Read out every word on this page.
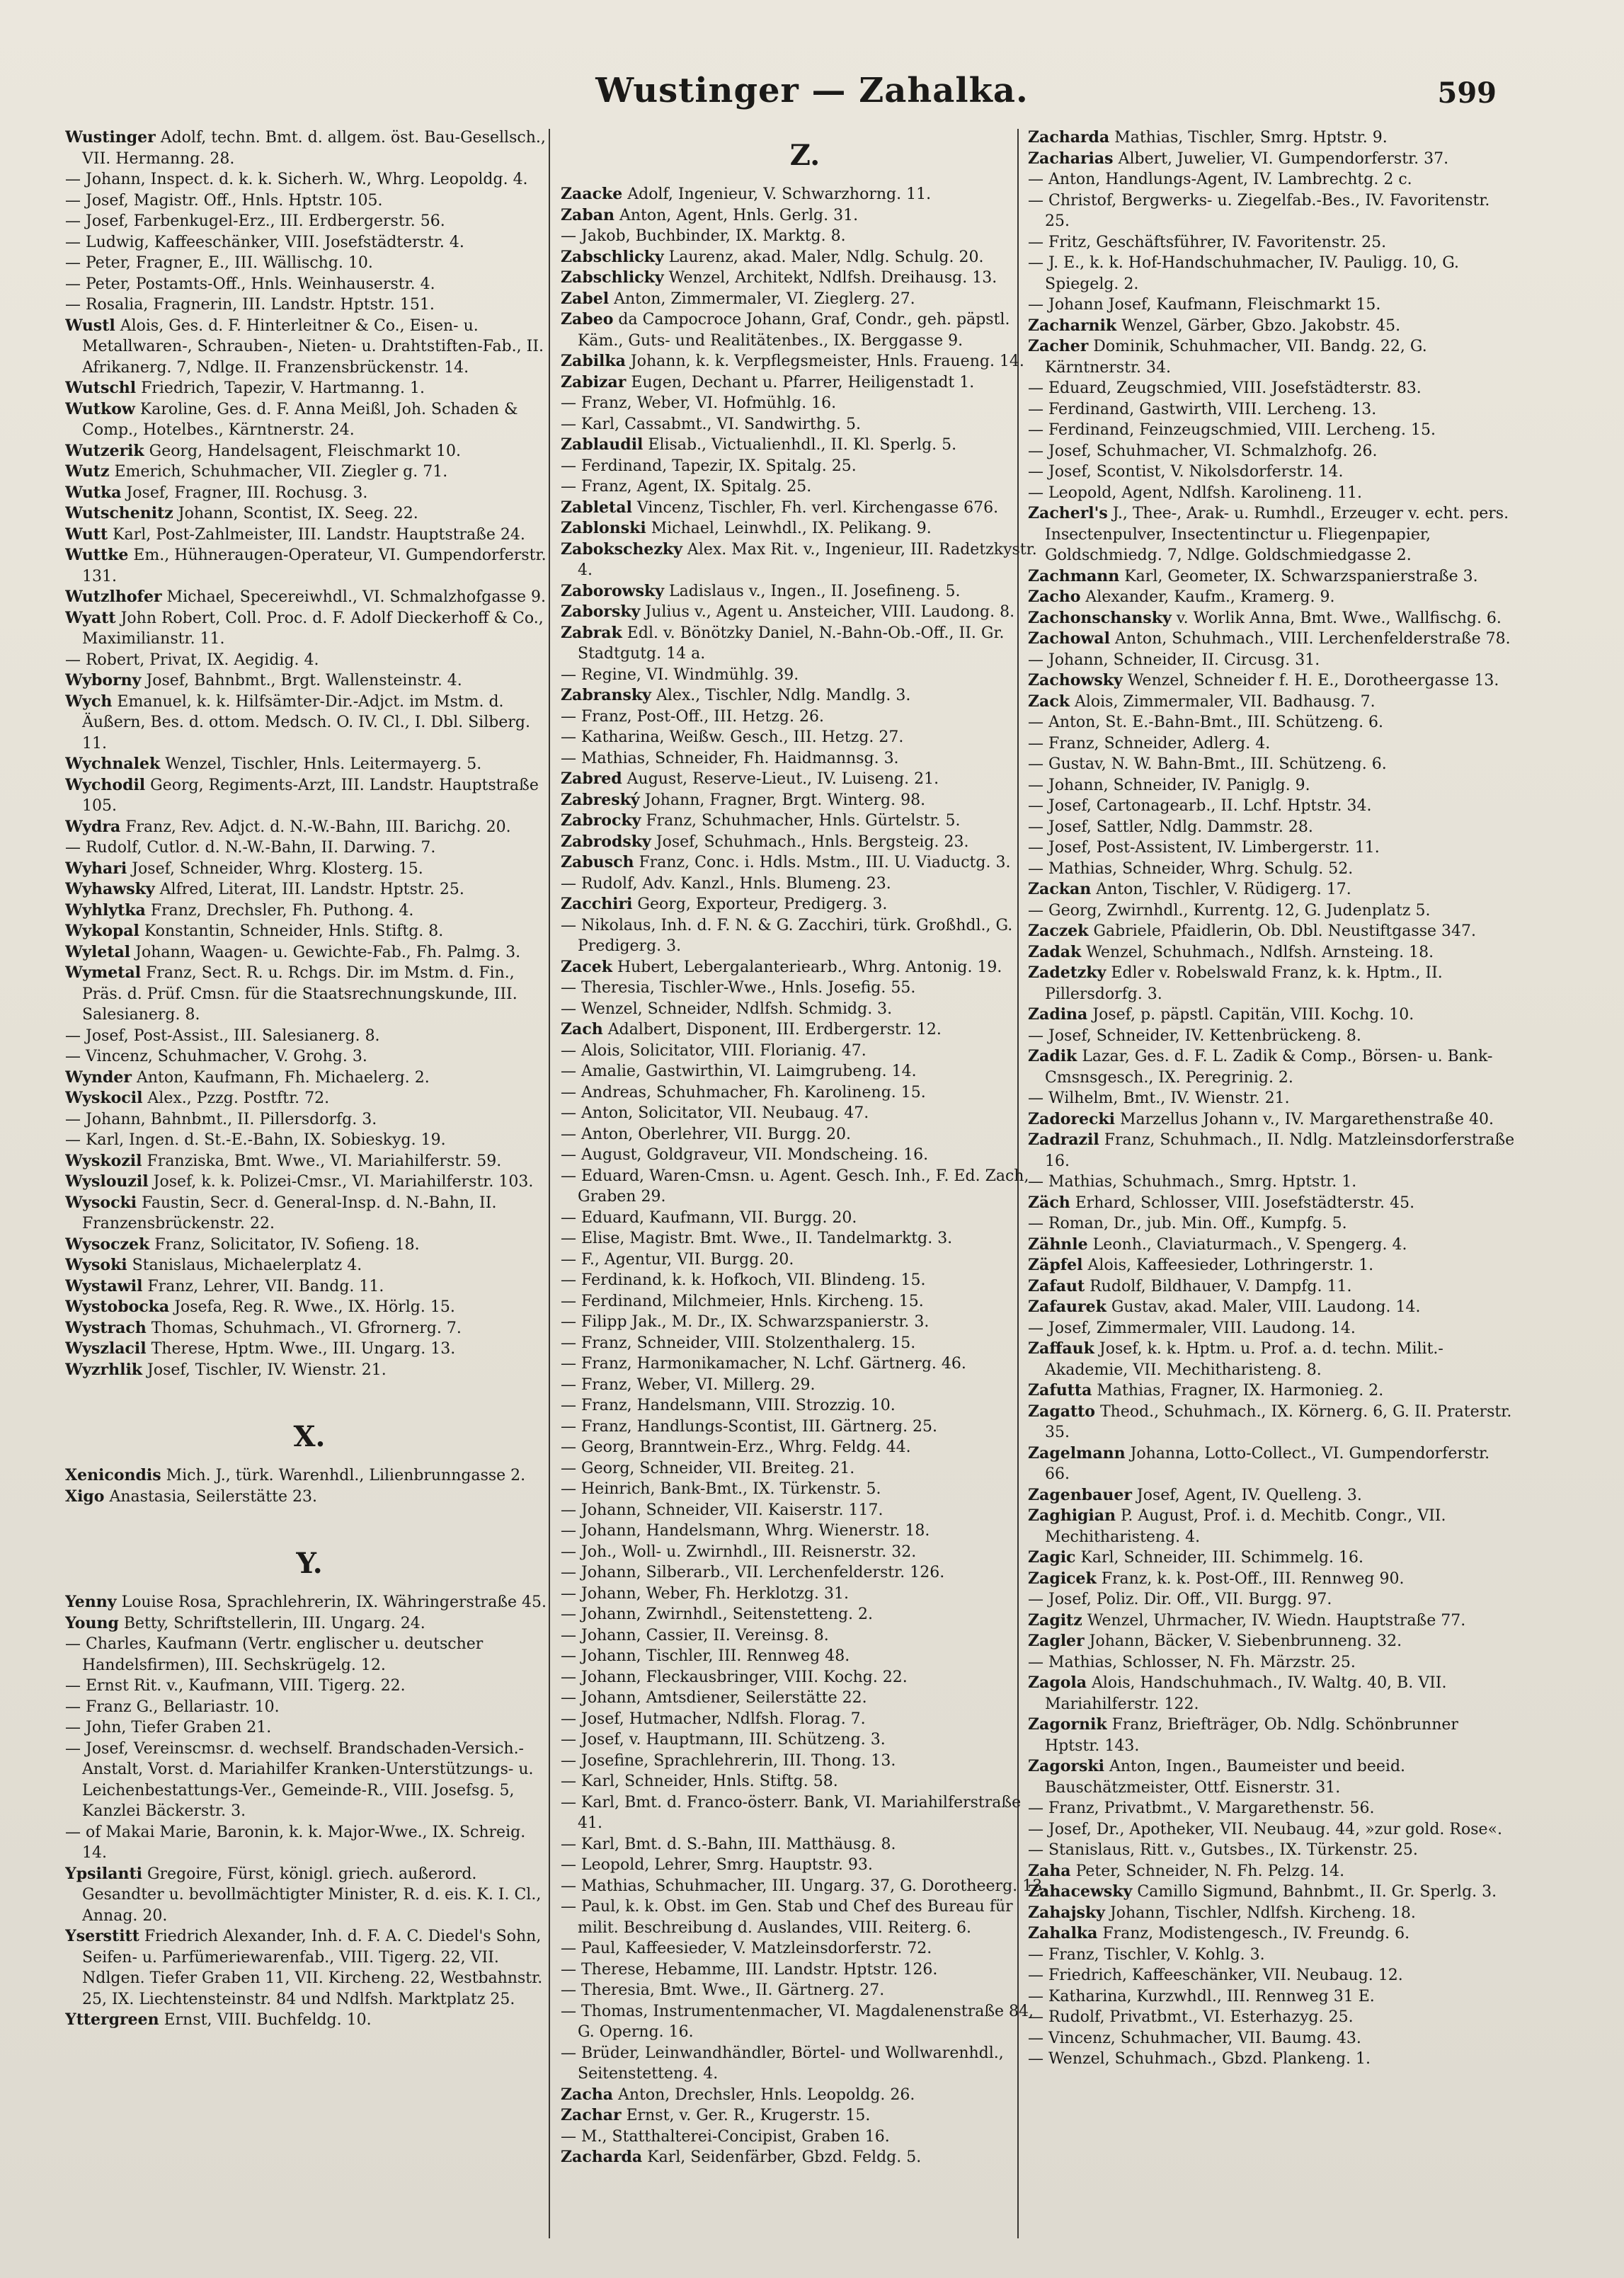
Wustinger — Zahalka.	599

Wustinger Adolf, techn. Bmt. d. allgem. öst. Bau-Gesellsch., VII. Hermanng. 28.

— Johann, Inspect. d. k. k. Sicherh. W., Whrg. Leopoldg. 4.

— Josef, Magistr. Off., Hnls. Hptstr. 105.

— Josef, Farbenkugel-Erz., III. Erdbergerstr. 56.

— Ludwig, Kaffeeschänker, VIII. Josefstädterstr. 4.

— Peter, Fragner, E., III. Wällischg. 10.

— Peter, Postamts-Off., Hnls. Weinhauserstr. 4.

— Rosalia, Fragnerin, III. Landstr. Hptstr. 151.

Wustl Alois, Ges. d. F. Hinterleitner & Co., Eisen- u. Metallwaren-, Schrauben-, Nieten- u. Drahtstiften-Fab., II. Afrikanerg. 7, Ndlge. II. Franzensbrückenstr. 14.

Wutschl Friedrich, Tapezir, V. Hartmanng. 1.

Wutkow Karoline, Ges. d. F. Anna Meißl, Joh. Schaden & Comp., Hotelbes., Kärntnerstr. 24.

Wutzerik Georg, Handelsagent, Fleischmarkt 10.

Wutz Emerich, Schuhmacher, VII. Ziegler g. 71.

Wutka Josef, Fragner, III. Rochusg. 3.

Wutschenitz Johann, Scontist, IX. Seeg. 22.

Wutt Karl, Post-Zahlmeister, III. Landstr. Hauptstraße 24.

Wuttke Em., Hühneraugen-Operateur, VI. Gumpendorferstr. 131.

Wutzlhofer Michael, Specereiwhdl., VI. Schmalzhofgasse 9.

Wyatt John Robert, Coll. Proc. d. F. Adolf Dieckerhoff & Co., Maximilianstr. 11.

— Robert, Privat, IX. Aegidig. 4.

Wyborny Josef, Bahnbmt., Brgt. Wallensteinstr. 4.

Wych Emanuel, k. k. Hilfsämter-Dir.-Adjct. im Mstm. d. Äußern, Bes. d. ottom. Medsch. O. IV. Cl., I. Dbl. Silberg. 11.

Wychnalek Wenzel, Tischler, Hnls. Leitermayerg. 5.

Wychodil Georg, Regiments-Arzt, III. Landstr. Hauptstraße 105.

Wydra Franz, Rev. Adjct. d. N.-W.-Bahn, III. Barichg. 20.

— Rudolf, Cutlor. d. N.-W.-Bahn, II. Darwing. 7.

Wyhari Josef, Schneider, Whrg. Klosterg. 15.

Wyhawsky Alfred, Literat, III. Landstr. Hptstr. 25.

Wyhlytka Franz, Drechsler, Fh. Puthong. 4.

Wykopal Konstantin, Schneider, Hnls. Stiftg. 8.

Wyletal Johann, Waagen- u. Gewichte-Fab., Fh. Palmg. 3.

Wymetal Franz, Sect. R. u. Rchgs. Dir. im Mstm. d. Fin., Präs. d. Prüf. Cmsn. für die Staatsrechnungskunde, III. Salesianerg. 8.

— Josef, Post-Assist., III. Salesianerg. 8.

— Vincenz, Schuhmacher, V. Grohg. 3.

Wynder Anton, Kaufmann, Fh. Michaelerg. 2.

Wyskocil Alex., Pzzg. Postftr. 72.

— Johann, Bahnbmt., II. Pillersdorfg. 3.

— Karl, Ingen. d. St.-E.-Bahn, IX. Sobieskyg. 19.

Wyskozil Franziska, Bmt. Wwe., VI. Mariahilferstr. 59.

Wyslouzil Josef, k. k. Polizei-Cmsr., VI. Mariahilferstr. 103.

Wysocki Faustin, Secr. d. General-Insp. d. N.-Bahn, II. Franzensbrückenstr. 22.

Wysoczek Franz, Solicitator, IV. Sofieng. 18.

Wysoki Stanislaus, Michaelerplatz 4.

Wystawil Franz, Lehrer, VII. Bandg. 11.

Wystobocka Josefa, Reg. R. Wwe., IX. Hörlg. 15.

Wystrach Thomas, Schuhmach., VI. Gfrornerg. 7.

Wyszlacil Therese, Hptm. Wwe., III. Ungarg. 13.

Wyzrhlik Josef, Tischler, IV. Wienstr. 21.

X.

Xenicondis Mich. J., türk. Warenhdl., Lilienbrunngasse 2.

Xigo Anastasia, Seilerstätte 23.

Y.

Yenny Louise Rosa, Sprachlehrerin, IX. Währingerstraße 45.

Young Betty, Schriftstellerin, III. Ungarg. 24.

— Charles, Kaufmann (Vertr. englischer u. deutscher Handelsfirmen), III. Sechskrügelg. 12.

— Ernst Rit. v., Kaufmann, VIII. Tigerg. 22.

— Franz G., Bellariastr. 10.

— John, Tiefer Graben 21.

— Josef, Vereinscmsr. d. wechself. Brandschaden-Versich.-Anstalt, Vorst. d. Mariahilfer Kranken-Unterstützungs- u. Leichenbestattungs-Ver., Gemeinde-R., VIII. Josefsg. 5, Kanzlei Bäckerstr. 3.

— of Makai Marie, Baronin, k. k. Major-Wwe., IX. Schreig. 14.

Ypsilanti Gregoire, Fürst, königl. griech. außerord. Gesandter u. bevollmächtigter Minister, R. d. eis. K. I. Cl., Annag. 20.

Yserstitt Friedrich Alexander, Inh. d. F. A. C. Diedel's Sohn, Seifen- u. Parfümeriewarenfab., VIII. Tigerg. 22, VII. Ndlgen. Tiefer Graben 11, VII. Kircheng. 22, Westbahnstr. 25, IX. Liechtensteinstr. 84 und Ndlfsh. Marktplatz 25.

Yttergreen Ernst, VIII. Buchfeldg. 10.

Z.

Zaacke Adolf, Ingenieur, V. Schwarzhorng. 11.

Zaban Anton, Agent, Hnls. Gerlg. 31.

— Jakob, Buchbinder, IX. Marktg. 8.

Zabschlicky Laurenz, akad. Maler, Ndlg. Schulg. 20.

Zabschlicky Wenzel, Architekt, Ndlfsh. Dreihausg. 13.

Zabel Anton, Zimmermaler, VI. Zieglerg. 27.

Zabeo da Campocroce Johann, Graf, Condr., geh. päpstl. Käm., Guts- und Realitätenbes., IX. Berggasse 9.

Zabilka Johann, k. k. Verpflegsmeister, Hnls. Fraueng. 14.

Zabizar Eugen, Dechant u. Pfarrer, Heiligenstadt 1.

— Franz, Weber, VI. Hofmühlg. 16.

— Karl, Cassabmt., VI. Sandwirthg. 5.

Zablaudil Elisab., Victualienhdl., II. Kl. Sperlg. 5.

— Ferdinand, Tapezir, IX. Spitalg. 25.

— Franz, Agent, IX. Spitalg. 25.

Zabletal Vincenz, Tischler, Fh. verl. Kirchengasse 676.

Zablonski Michael, Leinwhdl., IX. Pelikang. 9.

Zabokschezky Alex. Max Rit. v., Ingenieur, III. Radetzkystr. 4.

Zaborowsky Ladislaus v., Ingen., II. Josefineng. 5.

Zaborsky Julius v., Agent u. Ansteicher, VIII. Laudong. 8.

Zabrak Edl. v. Bönötzky Daniel, N.-Bahn-Ob.-Off., II. Gr. Stadtgutg. 14 a.

— Regine, VI. Windmühlg. 39.

Zabransky Alex., Tischler, Ndlg. Mandlg. 3.

— Franz, Post-Off., III. Hetzg. 26.

— Katharina, Weißw. Gesch., III. Hetzg. 27.

— Mathias, Schneider, Fh. Haidmannsg. 3.

Zabred August, Reserve-Lieut., IV. Luiseng. 21.

Zabreský Johann, Fragner, Brgt. Winterg. 98.

Zabrocky Franz, Schuhmacher, Hnls. Gürtelstr. 5.

Zabrodsky Josef, Schuhmach., Hnls. Bergsteig. 23.

Zabusch Franz, Conc. i. Hdls. Mstm., III. U. Viaductg. 3.

— Rudolf, Adv. Kanzl., Hnls. Blumeng. 23.

Zacchiri Georg, Exporteur, Predigerg. 3.

— Nikolaus, Inh. d. F. N. & G. Zacchiri, türk. Großhdl., G. Predigerg. 3.

Zacek Hubert, Lebergalanteriearb., Whrg. Antonig. 19.

— Theresia, Tischler-Wwe., Hnls. Josefig. 55.

— Wenzel, Schneider, Ndlfsh. Schmidg. 3.

Zach Adalbert, Disponent, III. Erdbergerstr. 12.

— Alois, Solicitator, VIII. Florianig. 47.

— Amalie, Gastwirthin, VI. Laimgrubeng. 14.

— Andreas, Schuhmacher, Fh. Karolineng. 15.

— Anton, Solicitator, VII. Neubaug. 47.

— Anton, Oberlehrer, VII. Burgg. 20.

— August, Goldgraveur, VII. Mondscheing. 16.

— Eduard, Waren-Cmsn. u. Agent. Gesch. Inh., F. Ed. Zach, Graben 29.

— Eduard, Kaufmann, VII. Burgg. 20.

— Elise, Magistr. Bmt. Wwe., II. Tandelmarktg. 3.

— F., Agentur, VII. Burgg. 20.

— Ferdinand, k. k. Hofkoch, VII. Blindeng. 15.

— Ferdinand, Milchmeier, Hnls. Kircheng. 15.

— Filipp Jak., M. Dr., IX. Schwarzspanierstr. 3.

— Franz, Schneider, VIII. Stolzenthalerg. 15.

— Franz, Harmonikamacher, N. Lchf. Gärtnerg. 46.

— Franz, Weber, VI. Millerg. 29.

— Franz, Handelsmann, VIII. Strozzig. 10.

— Franz, Handlungs-Scontist, III. Gärtnerg. 25.

— Georg, Branntwein-Erz., Whrg. Feldg. 44.

— Georg, Schneider, VII. Breiteg. 21.

— Heinrich, Bank-Bmt., IX. Türkenstr. 5.

— Johann, Schneider, VII. Kaiserstr. 117.

— Johann, Handelsmann, Whrg. Wienerstr. 18.

— Joh., Woll- u. Zwirnhdl., III. Reisnerstr. 32.

— Johann, Silberarb., VII. Lerchenfelderstr. 126.

— Johann, Weber, Fh. Herklotzg. 31.

— Johann, Zwirnhdl., Seitenstetteng. 2.

— Johann, Cassier, II. Vereinsg. 8.

— Johann, Tischler, III. Rennweg 48.

— Johann, Fleckausbringer, VIII. Kochg. 22.

— Johann, Amtsdiener, Seilerstätte 22.

— Josef, Hutmacher, Ndlfsh. Florag. 7.

— Josef, v. Hauptmann, III. Schützeng. 3.

— Josefine, Sprachlehrerin, III. Thong. 13.

— Karl, Schneider, Hnls. Stiftg. 58.

— Karl, Bmt. d. Franco-österr. Bank, VI. Mariahilferstraße 41.

— Karl, Bmt. d. S.-Bahn, III. Matthäusg. 8.

— Leopold, Lehrer, Smrg. Hauptstr. 93.

— Mathias, Schuhmacher, III. Ungarg. 37, G. Dorotheerg. 13.

— Paul, k. k. Obst. im Gen. Stab und Chef des Bureau für milit. Beschreibung d. Auslandes, VIII. Reiterg. 6.

— Paul, Kaffeesieder, V. Matzleinsdorferstr. 72.

— Therese, Hebamme, III. Landstr. Hptstr. 126.

— Theresia, Bmt. Wwe., II. Gärtnerg. 27.

— Thomas, Instrumentenmacher, VI. Magdalenenstraße 84, G. Operng. 16.

— Brüder, Leinwandhändler, Börtel- und Wollwarenhdl., Seitenstetteng. 4.

Zacha Anton, Drechsler, Hnls. Leopoldg. 26.

Zachar Ernst, v. Ger. R., Krugerstr. 15.

— M., Statthalterei-Concipist, Graben 16.

Zacharda Karl, Seidenfärber, Gbzd. Feldg. 5.

Zacharda Mathias, Tischler, Smrg. Hptstr. 9.

Zacharias Albert, Juwelier, VI. Gumpendorferstr. 37.

— Anton, Handlungs-Agent, IV. Lambrechtg. 2 c.

— Christof, Bergwerks- u. Ziegelfab.-Bes., IV. Favoritenstr. 25.

— Fritz, Geschäftsführer, IV. Favoritenstr. 25.

— J. E., k. k. Hof-Handschuhmacher, IV. Pauligg. 10, G. Spiegelg. 2.

— Johann Josef, Kaufmann, Fleischmarkt 15.

Zacharnik Wenzel, Gärber, Gbzo. Jakobstr. 45.

Zacher Dominik, Schuhmacher, VII. Bandg. 22, G. Kärntnerstr. 34.

— Eduard, Zeugschmied, VIII. Josefstädterstr. 83.

— Ferdinand, Gastwirth, VIII. Lercheng. 13.

— Ferdinand, Feinzeugschmied, VIII. Lercheng. 15.

— Josef, Schuhmacher, VI. Schmalzhofg. 26.

— Josef, Scontist, V. Nikolsdorferstr. 14.

— Leopold, Agent, Ndlfsh. Karolineng. 11.

Zacherl's J., Thee-, Arak- u. Rumhdl., Erzeuger v. echt. pers. Insectenpulver, Insectentinctur u. Fliegenpapier, Goldschmiedg. 7, Ndlge. Goldschmiedgasse 2.

Zachmann Karl, Geometer, IX. Schwarzspanierstraße 3.

Zacho Alexander, Kaufm., Kramerg. 9.

Zachonschansky v. Worlik Anna, Bmt. Wwe., Wallfischg. 6.

Zachowal Anton, Schuhmach., VIII. Lerchenfelderstraße 78.

— Johann, Schneider, II. Circusg. 31.

Zachowsky Wenzel, Schneider f. H. E., Dorotheergasse 13.

Zack Alois, Zimmermaler, VII. Badhausg. 7.

— Anton, St. E.-Bahn-Bmt., III. Schützeng. 6.

— Franz, Schneider, Adlerg. 4.

— Gustav, N. W. Bahn-Bmt., III. Schützeng. 6.

— Johann, Schneider, IV. Paniglg. 9.

— Josef, Cartonagearb., II. Lchf. Hptstr. 34.

— Josef, Sattler, Ndlg. Dammstr. 28.

— Josef, Post-Assistent, IV. Limbergerstr. 11.

— Mathias, Schneider, Whrg. Schulg. 52.

Zackan Anton, Tischler, V. Rüdigerg. 17.

— Georg, Zwirnhdl., Kurrentg. 12, G. Judenplatz 5.

Zaczek Gabriele, Pfaidlerin, Ob. Dbl. Neustiftgasse 347.

Zadak Wenzel, Schuhmach., Ndlfsh. Arnsteing. 18.

Zadetzky Edler v. Robelswald Franz, k. k. Hptm., II. Pillersdorfg. 3.

Zadina Josef, p. päpstl. Capitän, VIII. Kochg. 10.

— Josef, Schneider, IV. Kettenbrückeng. 8.

Zadik Lazar, Ges. d. F. L. Zadik & Comp., Börsen- u. Bank-Cmsnsgesch., IX. Peregrinig. 2.

— Wilhelm, Bmt., IV. Wienstr. 21.

Zadorecki Marzellus Johann v., IV. Margarethenstraße 40.

Zadrazil Franz, Schuhmach., II. Ndlg. Matzleinsdorferstraße 16.

— Mathias, Schuhmach., Smrg. Hptstr. 1.

Zäch Erhard, Schlosser, VIII. Josefstädterstr. 45.

— Roman, Dr., jub. Min. Off., Kumpfg. 5.

Zähnle Leonh., Claviaturmach., V. Spengerg. 4.

Zäpfel Alois, Kaffeesieder, Lothringerstr. 1.

Zafaut Rudolf, Bildhauer, V. Dampfg. 11.

Zafaurek Gustav, akad. Maler, VIII. Laudong. 14.

— Josef, Zimmermaler, VIII. Laudong. 14.

Zaffauk Josef, k. k. Hptm. u. Prof. a. d. techn. Milit.-Akademie, VII. Mechitharisteng. 8.

Zafutta Mathias, Fragner, IX. Harmonieg. 2.

Zagatto Theod., Schuhmach., IX. Körnerg. 6, G. II. Praterstr. 35.

Zagelmann Johanna, Lotto-Collect., VI. Gumpendorferstr. 66.

Zagenbauer Josef, Agent, IV. Quelleng. 3.

Zaghigian P. August, Prof. i. d. Mechitb. Congr., VII. Mechitharisteng. 4.

Zagic Karl, Schneider, III. Schimmelg. 16.

Zagicek Franz, k. k. Post-Off., III. Rennweg 90.

— Josef, Poliz. Dir. Off., VII. Burgg. 97.

Zagitz Wenzel, Uhrmacher, IV. Wiedn. Hauptstraße 77.

Zagler Johann, Bäcker, V. Siebenbrunneng. 32.

— Mathias, Schlosser, N. Fh. Märzstr. 25.

Zagola Alois, Handschuhmach., IV. Waltg. 40, B. VII. Mariahilferstr. 122.

Zagornik Franz, Briefträger, Ob. Ndlg. Schönbrunner Hptstr. 143.

Zagorski Anton, Ingen., Baumeister und beeid. Bauschätzmeister, Ottf. Eisnerstr. 31.

— Franz, Privatbmt., V. Margarethenstr. 56.

— Josef, Dr., Apotheker, VII. Neubaug. 44, »zur gold. Rose«.

— Stanislaus, Ritt. v., Gutsbes., IX. Türkenstr. 25.

Zaha Peter, Schneider, N. Fh. Pelzg. 14.

Zahacewsky Camillo Sigmund, Bahnbmt., II. Gr. Sperlg. 3.

Zahajsky Johann, Tischler, Ndlfsh. Kircheng. 18.

Zahalka Franz, Modistengesch., IV. Freundg. 6.

— Franz, Tischler, V. Kohlg. 3.

— Friedrich, Kaffeeschänker, VII. Neubaug. 12.

— Katharina, Kurzwhdl., III. Rennweg 31 E.

— Rudolf, Privatbmt., VI. Esterhazyg. 25.

— Vincenz, Schuhmacher, VII. Baumg. 43.

— Wenzel, Schuhmach., Gbzd. Plankeng. 1.
